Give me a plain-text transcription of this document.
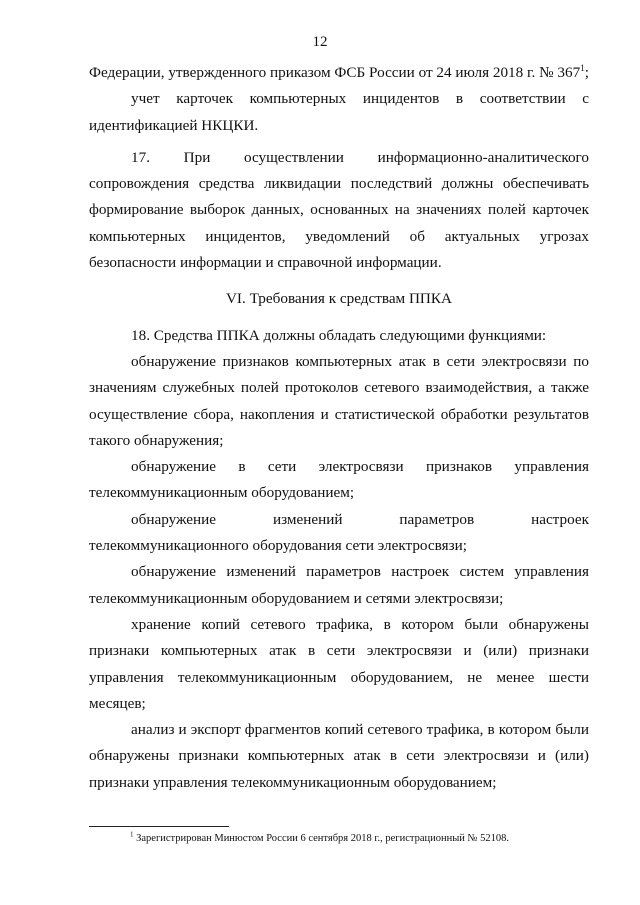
12

Федерации, утвержденного приказом ФСБ России от 24 июля 2018 г. № $367^1$;

учет карточек компьютерных инцидентов в соответствии с идентификацией НКЦКИ.

17. При осуществлении информационно-аналитического сопровождения средства ликвидации последствий должны обеспечивать формирование выборок данных, основанных на значениях полей карточек компьютерных инцидентов, уведомлений об актуальных угрозах безопасности информации и справочной информации.

VI. Требования к средствам ППКА

18. Средства ППКА должны обладать следующими функциями:

обнаружение признаков компьютерных атак в сети электросвязи по значениям служебных полей протоколов сетевого взаимодействия, а также осуществление сбора, накопления и статистической обработки результатов такого обнаружения;

обнаружение в сети электросвязи признаков управления телекоммуникационным оборудованием;

обнаружение изменений параметров настроек телекоммуникационного оборудования сети электросвязи;

обнаружение изменений параметров настроек систем управления телекоммуникационным оборудованием и сетями электросвязи;

хранение копий сетевого трафика, в котором были обнаружены признаки компьютерных атак в сети электросвязи и (или) признаки управления телекоммуникационным оборудованием, не менее шести месяцев;

анализ и экспорт фрагментов копий сетевого трафика, в котором были обнаружены признаки компьютерных атак в сети электросвязи и (или) признаки управления телекоммуникационным оборудованием;

$^1$ Зарегистрирован Минюстом России 6 сентября 2018 г., регистрационный № 52108.
